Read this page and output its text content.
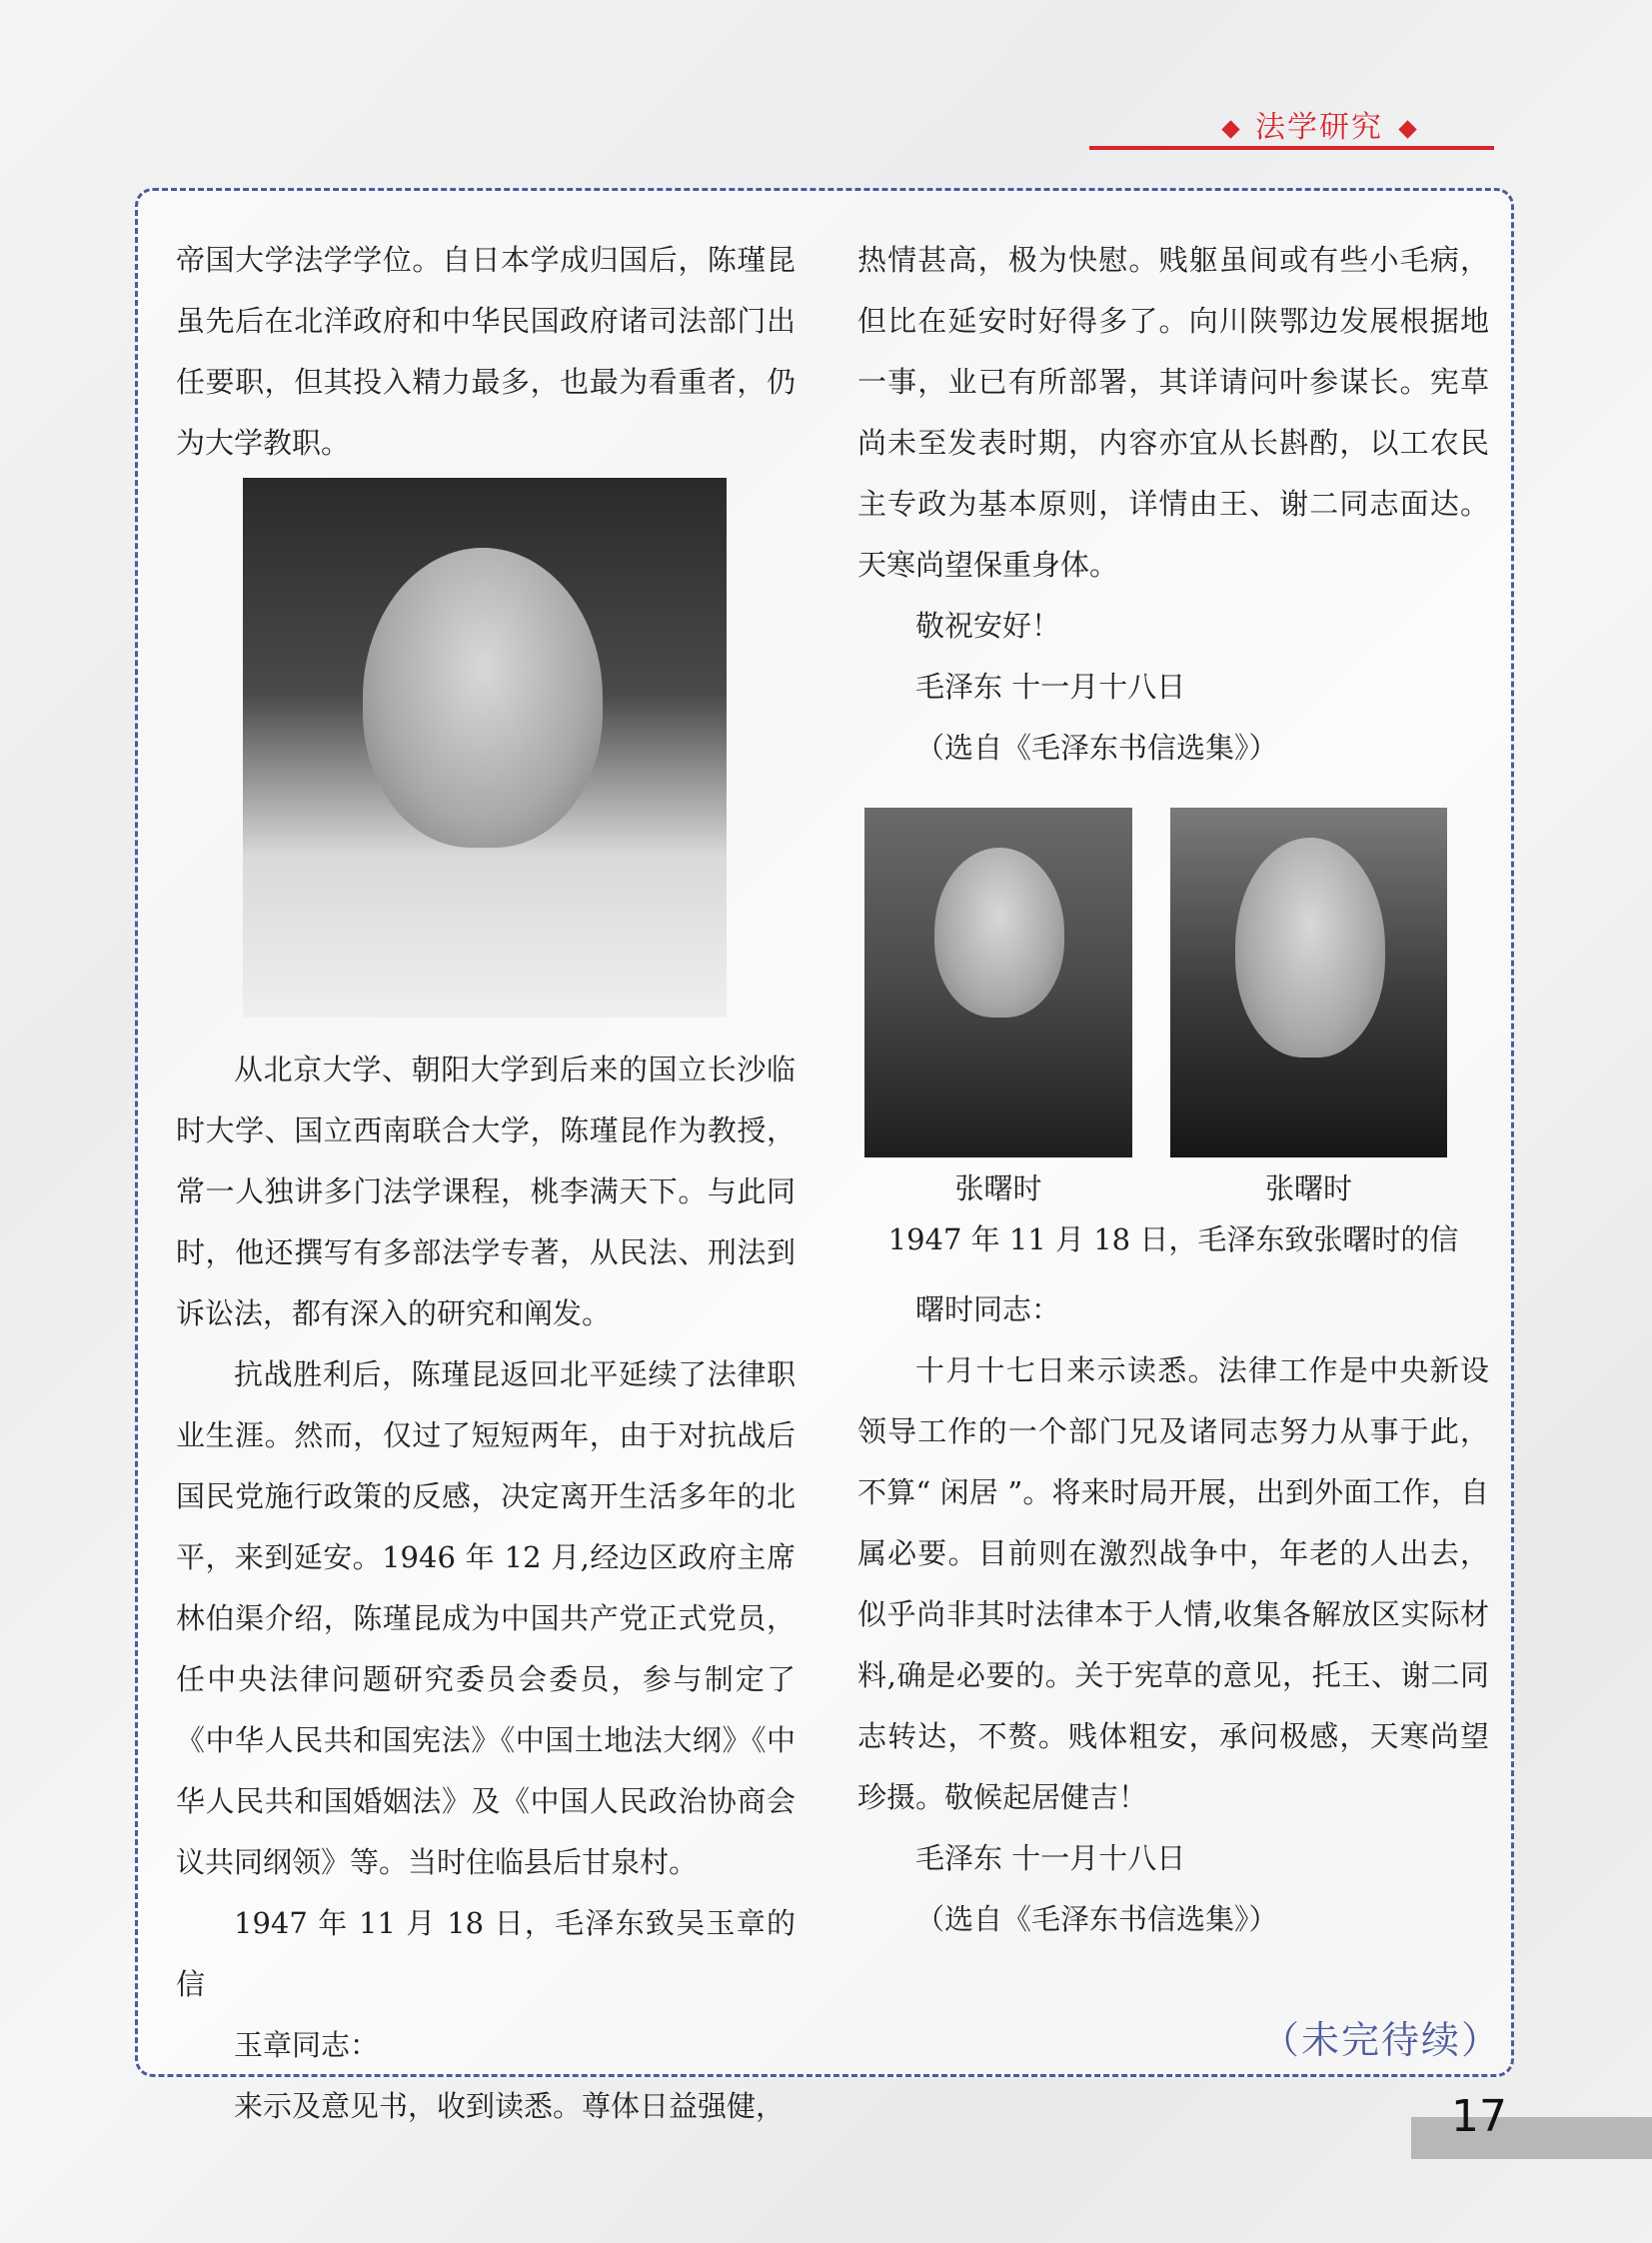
法学研究

帝国大学法学学位。自日本学成归国后，陈瑾昆虽先后在北洋政府和中华民国政府诸司法部门出任要职，但其投入精力最多，也最为看重者，仍为大学教职。

从北京大学、朝阳大学到后来的国立长沙临时大学、国立西南联合大学，陈瑾昆作为教授，常一人独讲多门法学课程，桃李满天下。与此同时，他还撰写有多部法学专著，从民法、刑法到诉讼法，都有深入的研究和阐发。

抗战胜利后，陈瑾昆返回北平延续了法律职业生涯。然而，仅过了短短两年，由于对抗战后国民党施行政策的反感，决定离开生活多年的北平，来到延安。1946 年 12 月,经边区政府主席林伯渠介绍，陈瑾昆成为中国共产党正式党员，任中央法律问题研究委员会委员，参与制定了《中华人民共和国宪法》《中国土地法大纲》《中华人民共和国婚姻法》及《中国人民政治协商会议共同纲领》等。当时住临县后甘泉村。

1947 年 11 月 18 日，毛泽东致吴玉章的信

玉章同志：

来示及意见书，收到读悉。尊体日益强健，

热情甚高，极为快慰。贱躯虽间或有些小毛病，但比在延安时好得多了。向川陕鄂边发展根据地一事，业已有所部署，其详请问叶参谋长。宪草尚未至发表时期，内容亦宜从长斟酌，以工农民主专政为基本原则，详情由王、谢二同志面达。天寒尚望保重身体。

敬祝安好！

毛泽东 十一月十八日

（选自《毛泽东书信选集》）

张曙时	张曙时
1947 年 11 月 18 日，毛泽东致张曙时的信

曙时同志：

十月十七日来示读悉。法律工作是中央新设领导工作的一个部门兄及诸同志努力从事于此，不算“ 闲居 ”。将来时局开展，出到外面工作，自属必要。目前则在激烈战争中，年老的人出去，似乎尚非其时法律本于人情,收集各解放区实际材料,确是必要的。关于宪草的意见，托王、谢二同志转达，不赘。贱体粗安，承问极感，天寒尚望珍摄。敬候起居健吉！

毛泽东 十一月十八日

（选自《毛泽东书信选集》）

（未完待续）
17
